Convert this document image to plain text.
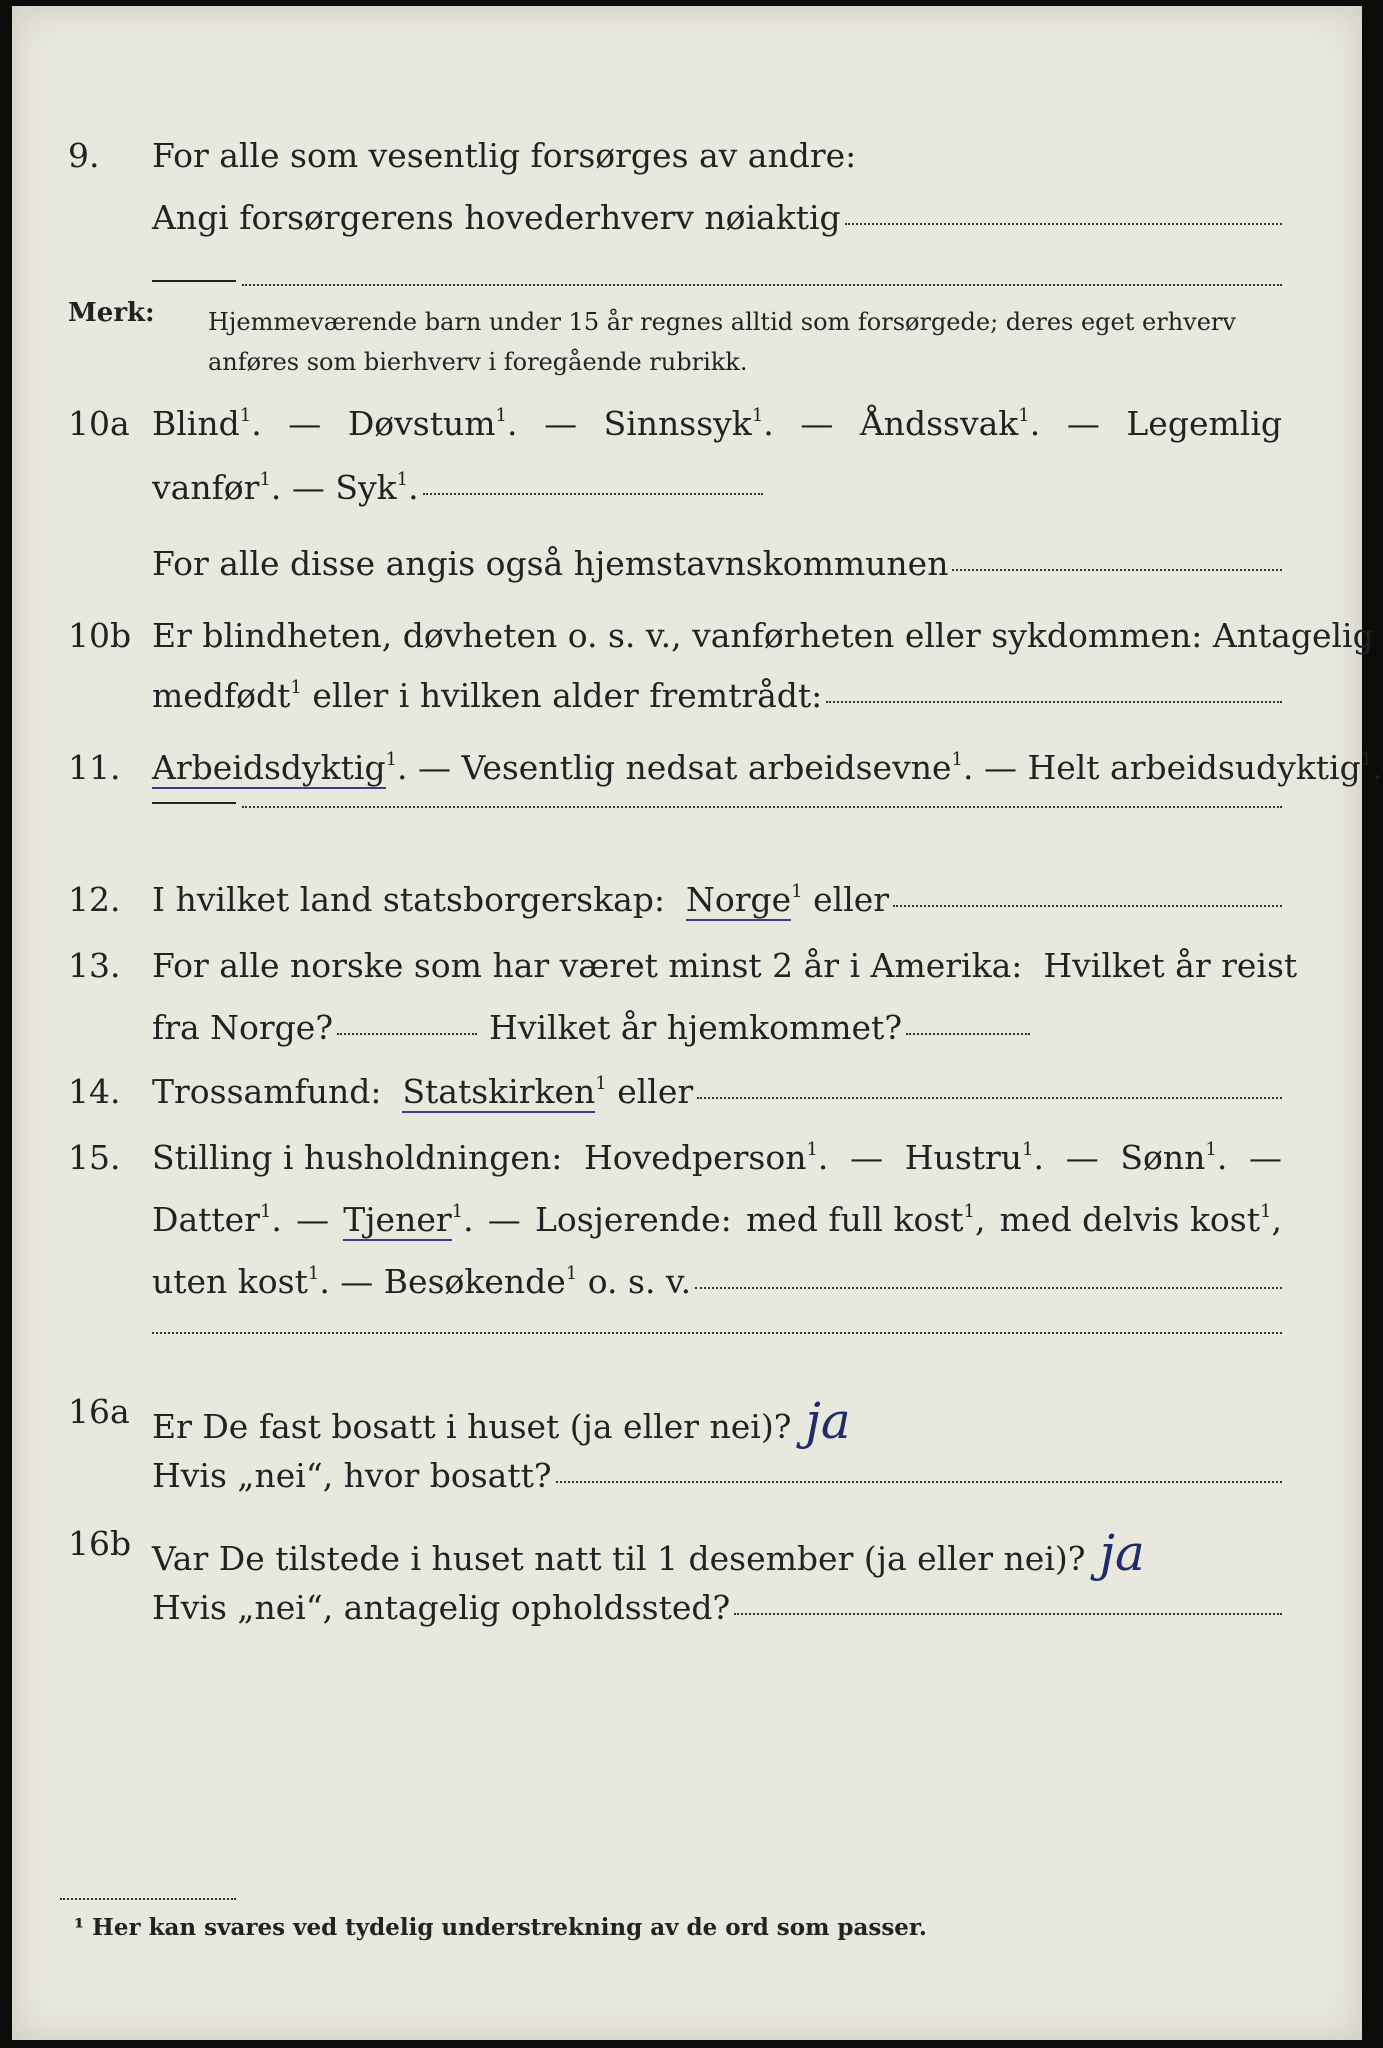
9.	For alle som vesentlig forsørges av andre:
Angi forsørgerens hovederhverv nøiaktig
Merk: Hjemmeværende barn under 15 år regnes alltid som forsørgede; deres eget erhverv anføres som bierhverv i foregående rubrikk.
10a Blind$^1$. — Døvstum$^1$. — Sinnssyk$^1$. — Åndssvak$^1$. — Legemlig
vanfør$^1$. — Syk$^1$.
For alle disse angis også hjemstavnskommunen
10b Er blindheten, døvheten o. s. v., vanførheten eller sykdommen: Antagelig
medfødt$^1$ eller i hvilken alder fremtrådt:
11. Arbeidsdyktig$^1$. — Vesentlig nedsat arbeidsevne$^1$. — Helt arbeidsudyktig$^1$.
12. I hvilket land statsborgerskap: Norge$^1$ eller
13. For alle norske som har været minst 2 år i Amerika:  Hvilket år reist
fra Norge?	Hvilket år hjemkommet?
14. Trossamfund: Statskirken$^1$ eller
15. Stilling i husholdningen: Hovedperson$^1$. — Hustru$^1$. — Sønn$^1$. —
Datter$^1$. — Tjener$^1$. — Losjerende: med full kost$^1$, med delvis kost$^1$,
uten kost$^1$. — Besøkende$^1$ o. s. v.
16a Er De fast bosatt i huset (ja eller nei)? ja
Hvis „nei“, hvor bosatt?
16b Var De tilstede i huset natt til 1 desember (ja eller nei)? ja
Hvis „nei“, antagelig opholdssted?
¹ Her kan svares ved tydelig understrekning av de ord som passer.
